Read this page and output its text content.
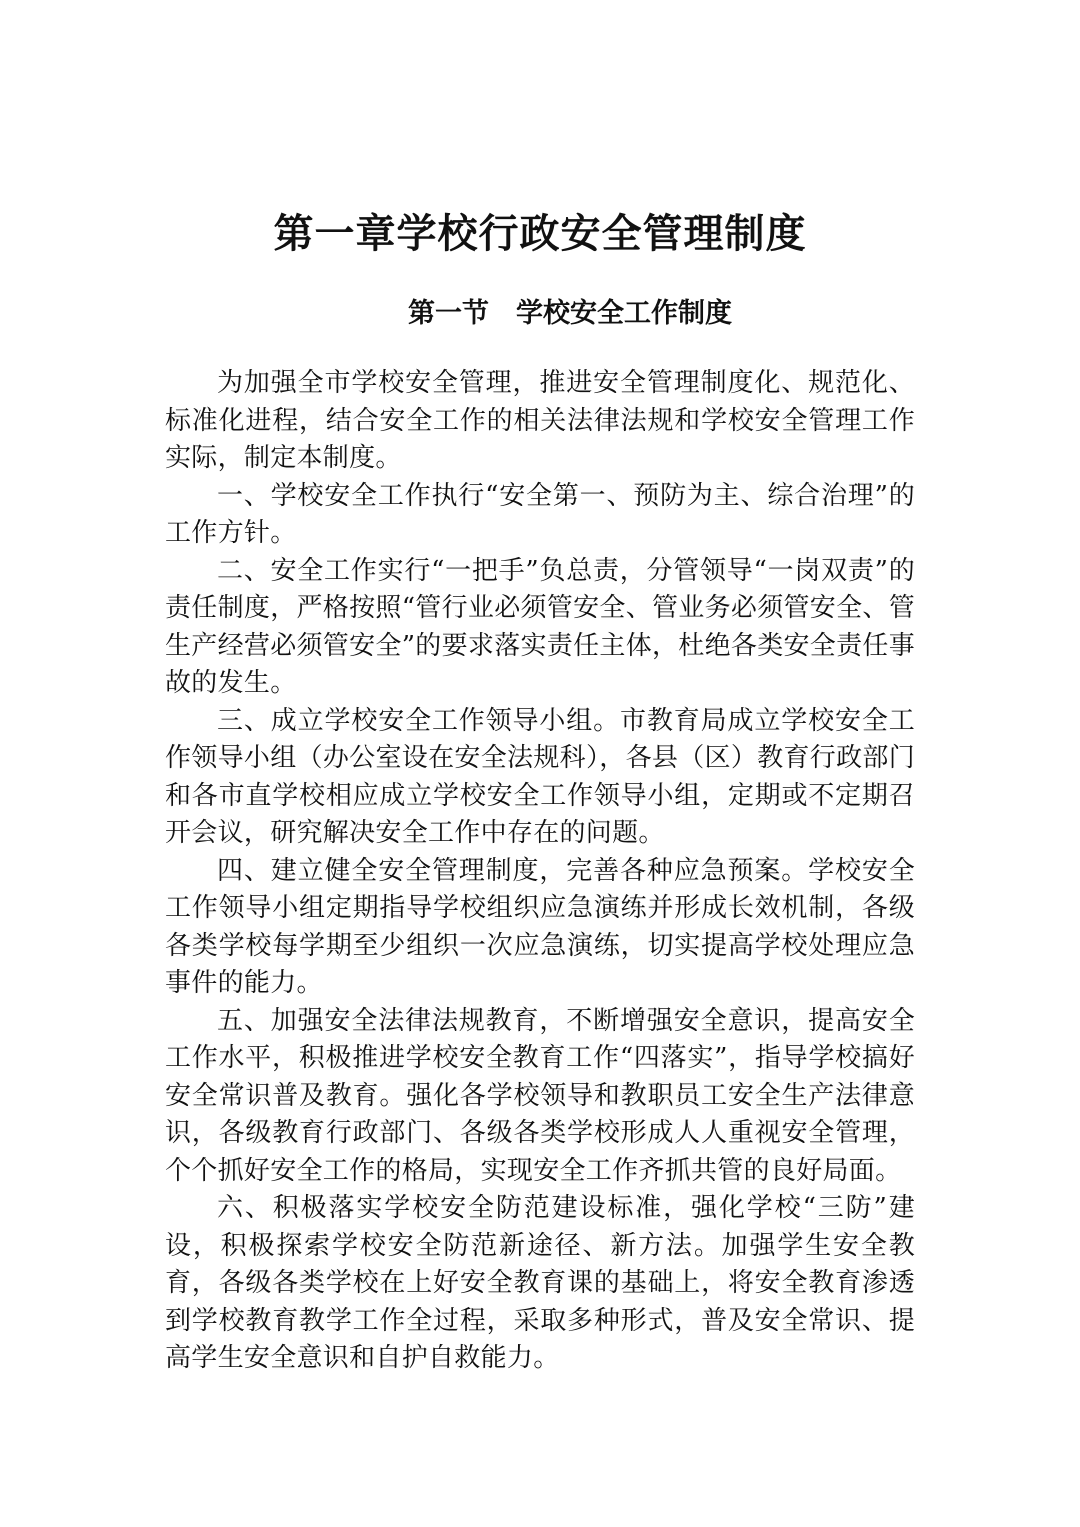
第一章学校行政安全管理制度
第一节　学校安全工作制度

为加强全市学校安全管理，推进安全管理制度化、规范化、标准化进程，结合安全工作的相关法律法规和学校安全管理工作实际，制定本制度。

一、学校安全工作执行“安全第一、预防为主、综合治理”的工作方针。

二、安全工作实行“一把手”负总责，分管领导“一岗双责”的责任制度，严格按照“管行业必须管安全、管业务必须管安全、管生产经营必须管安全”的要求落实责任主体，杜绝各类安全责任事故的发生。

三、成立学校安全工作领导小组。市教育局成立学校安全工作领导小组（办公室设在安全法规科），各县（区）教育行政部门和各市直学校相应成立学校安全工作领导小组，定期或不定期召开会议，研究解决安全工作中存在的问题。

四、建立健全安全管理制度，完善各种应急预案。学校安全工作领导小组定期指导学校组织应急演练并形成长效机制，各级各类学校每学期至少组织一次应急演练，切实提高学校处理应急事件的能力。

五、加强安全法律法规教育，不断增强安全意识，提高安全工作水平，积极推进学校安全教育工作“四落实”，指导学校搞好安全常识普及教育。强化各学校领导和教职员工安全生产法律意识，各级教育行政部门、各级各类学校形成人人重视安全管理，个个抓好安全工作的格局，实现安全工作齐抓共管的良好局面。

六、积极落实学校安全防范建设标准，强化学校“三防”建设，积极探索学校安全防范新途径、新方法。加强学生安全教育，各级各类学校在上好安全教育课的基础上，将安全教育渗透到学校教育教学工作全过程，采取多种形式，普及安全常识、提高学生安全意识和自护自救能力。
